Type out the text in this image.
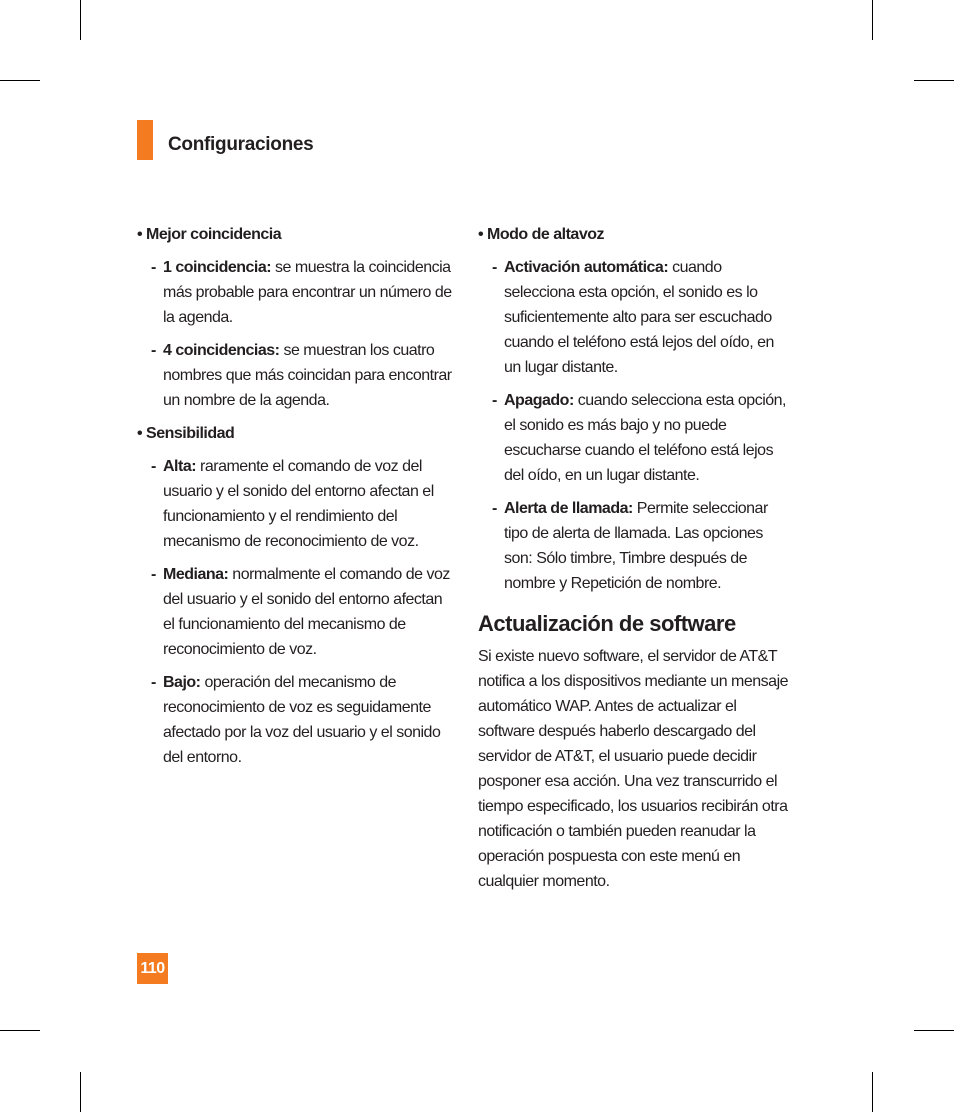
Configuraciones
• Mejor coincidencia
- 1 coincidencia: se muestra la coincidencia más probable para encontrar un número de la agenda.
- 4 coincidencias: se muestran los cuatro nombres que más coincidan para encontrar un nombre de la agenda.
• Sensibilidad
- Alta: raramente el comando de voz del usuario y el sonido del entorno afectan el funcionamiento y el rendimiento del mecanismo de reconocimiento de voz.
- Mediana: normalmente el comando de voz del usuario y el sonido del entorno afectan el funcionamiento del mecanismo de reconocimiento de voz.
- Bajo: operación del mecanismo de reconocimiento de voz es seguidamente afectado por la voz del usuario y el sonido del entorno.
• Modo de altavoz
- Activación automática: cuando selecciona esta opción, el sonido es lo suficientemente alto para ser escuchado cuando el teléfono está lejos del oído, en un lugar distante.
- Apagado: cuando selecciona esta opción, el sonido es más bajo y no puede escucharse cuando el teléfono está lejos del oído, en un lugar distante.
- Alerta de llamada: Permite seleccionar tipo de alerta de llamada. Las opciones son: Sólo timbre, Timbre después de nombre y Repetición de nombre.
Actualización de software

Si existe nuevo software, el servidor de AT&T notifica a los dispositivos mediante un mensaje automático WAP. Antes de actualizar el software después haberlo descargado del servidor de AT&T, el usuario puede decidir posponer esa acción. Una vez transcurrido el tiempo especificado, los usuarios recibirán otra notificación o también pueden reanudar la operación pospuesta con este menú en cualquier momento.

110
